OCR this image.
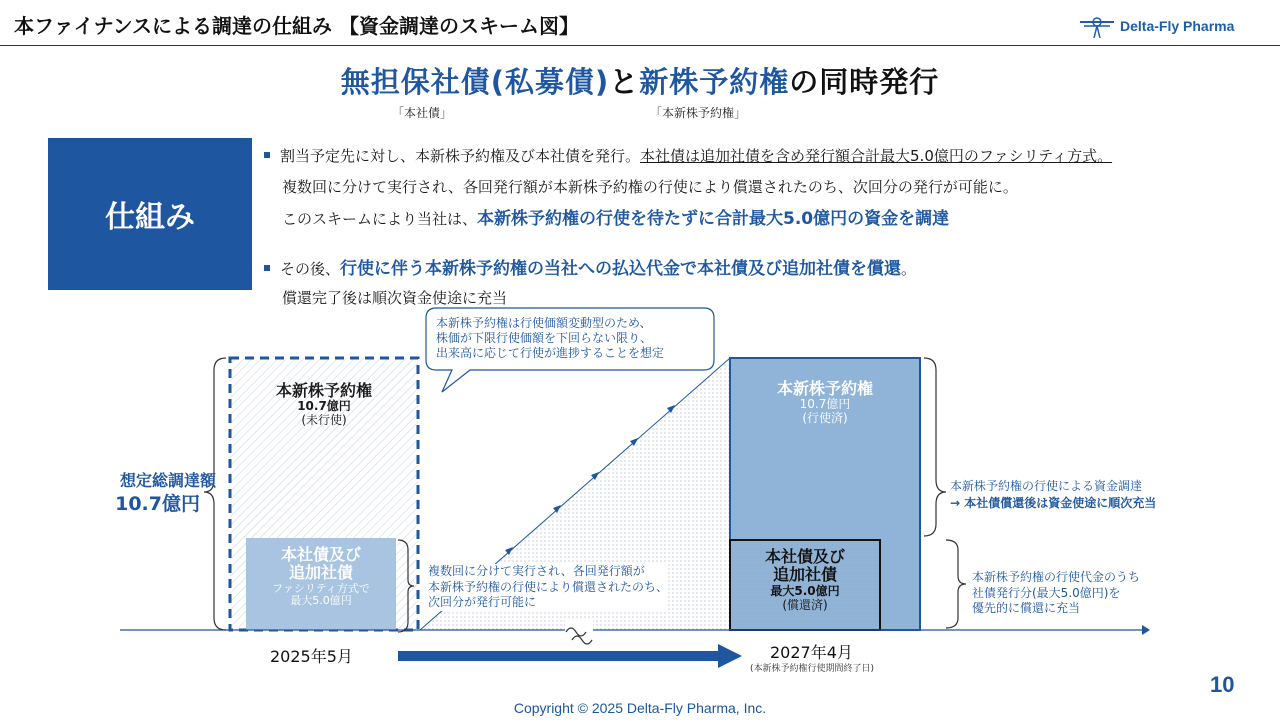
本ファイナンスによる調達の仕組み 【資金調達のスキーム図】	Delta-Fly Pharma
無担保社債(私募債)と新株予約権の同時発行
「本社債」	「本新株予約権」
仕組み
割当予定先に対し、本新株予約権及び本社債を発行。本社債は追加社債を含め発行額合計最大5.0億円のファシリティ方式。
複数回に分けて実行され、各回発行額が本新株予約権の行使により償還されたのち、次回分の発行が可能に。
このスキームにより当社は、本新株予約権の行使を待たずに合計最大5.0億円の資金を調達
その後、行使に伴う本新株予約権の当社への払込代金で本社債及び追加社債を償還。
償還完了後は順次資金使途に充当
想定総調達額
10.7億円
本新株予約権
10.7億円
(未行使)
本社債及び
追加社債
ファシリティ方式で
最大5.0億円
本新株予約権は行使価額変動型のため、
株価が下限行使価額を下回らない限り、
出来高に応じて行使が進捗することを想定
複数回に分けて実行され、各回発行額が
本新株予約権の行使により償還されたのち、
次回分が発行可能に
本新株予約権
10.7億円
(行使済)
本社債及び
追加社債
最大5.0億円
(償還済)
本新株予約権の行使による資金調達
→ 本社債償還後は資金使途に順次充当
本新株予約権の行使代金のうち
社債発行分(最大5.0億円)を
優先的に償還に充当
2025年5月	2027年4月
(本新株予約権行使期間終了日)
Copyright © 2025 Delta-Fly Pharma, Inc.
10
